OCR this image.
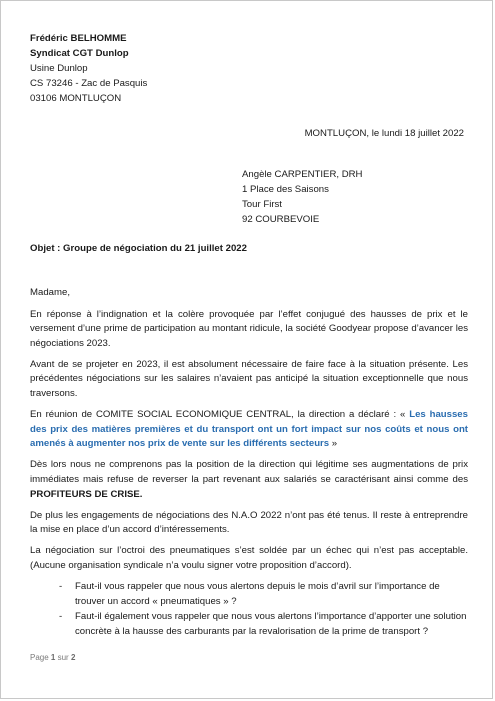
Frédéric BELHOMME
Syndicat CGT Dunlop
Usine Dunlop
CS 73246 - Zac de Pasquis
03106 MONTLUÇON
MONTLUÇON, le lundi 18 juillet 2022
Angèle CARPENTIER, DRH
1 Place des Saisons
Tour First
92 COURBEVOIE
Objet : Groupe de négociation du 21 juillet 2022

Madame,

En réponse à l’indignation et la colère provoquée par l’effet conjugué des hausses de prix et le versement d’une prime de participation au montant ridicule, la société Goodyear propose d’avancer les négociations 2023.

Avant de se projeter en 2023, il est absolument nécessaire de faire face à la situation présente. Les précédentes négociations sur les salaires n’avaient pas anticipé la situation exceptionnelle que nous traversons.

En réunion de COMITE SOCIAL ECONOMIQUE CENTRAL, la direction a déclaré : « Les hausses des prix des matières premières et du transport ont un fort impact sur nos coûts et nous ont amenés à augmenter nos prix de vente sur les différents secteurs »

Dès lors nous ne comprenons pas la position de la direction qui légitime ses augmentations de prix immédiates mais refuse de reverser la part revenant aux salariés se caractérisant ainsi comme des PROFITEURS DE CRISE.

De plus les engagements de négociations des N.A.O 2022 n’ont pas été tenus. Il reste à entreprendre la mise en place d’un accord d’intéressements.

La négociation sur l’octroi des pneumatiques s’est soldée par un échec qui n’est pas acceptable. (Aucune organisation syndicale n’a voulu signer votre proposition d’accord).

- Faut-il vous rappeler que nous vous alertons depuis le mois d’avril sur l’importance de trouver un accord « pneumatiques » ?
- Faut-il également vous rappeler que nous vous alertons l’importance d’apporter une solution concrète à la hausse des carburants par la revalorisation de la prime de transport ?
Page 1 sur 2
